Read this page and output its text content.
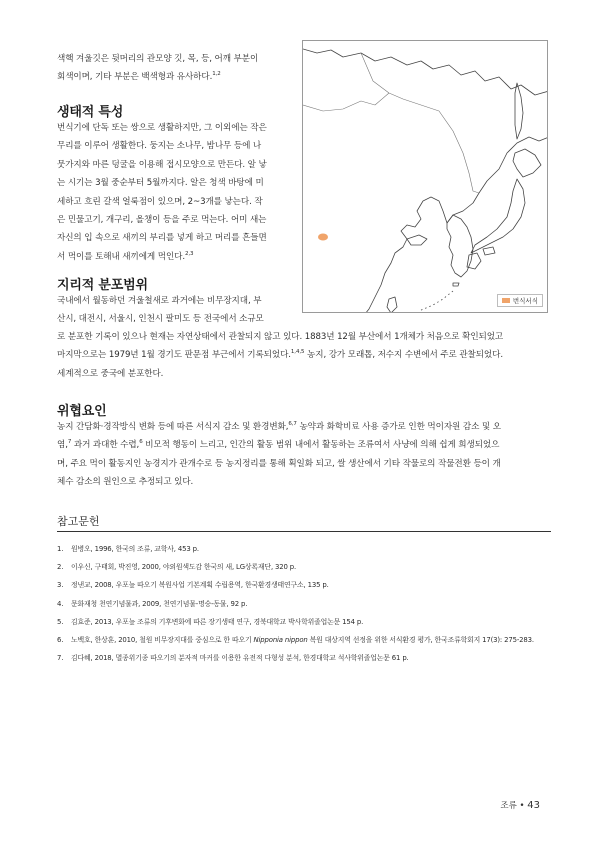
색핵 겨울깃은 뒷머리의 관모양 깃, 목, 등, 어깨 부분이
회색이며, 기타 부분은 백색형과 유사하다.$^{1,2}$
생태적 특성
번식기에 단독 또는 쌍으로 생활하지만, 그 이외에는 작은
무리를 이루어 생활한다. 둥지는 소나무, 밤나무 등에 나
뭇가지와 마른 덩굴을 이용해 접시모양으로 만든다. 알 낳
는 시기는 3월 중순부터 5월까지다. 알은 청색 바탕에 미
세하고 흐린 갈색 얼룩점이 있으며, 2~3개를 낳는다. 작
은 민물고기, 개구리, 올챙이 등을 주로 먹는다. 어미 새는
자신의 입 속으로 새끼의 부리를 넣게 하고 머리를 흔들면
서 먹이를 토해내 새끼에게 먹인다.$^{2,3}$
지리적 분포범위
국내에서 월동하던 겨울철새로 과거에는 비무장지대, 부
산시, 대전시, 서울시, 인천시 팔미도 등 전국에서 소규모
로 분포한 기록이 있으나 현재는 자연상태에서 관찰되지 않고 있다. 1883년 12월 부산에서 1개체가 처음으로 확인되었고
마지막으로는 1979년 1월 경기도 판문점 부근에서 기록되었다.$^{1,4,5}$ 농지, 강가 모래톱, 저수지 수변에서 주로 관찰되었다.
세계적으로 중국에 분포한다.
번식서식
위협요인
농지 간담화·경작방식 변화 등에 따른 서식지 감소 및 환경변화,$^{6,7}$ 농약과 화학비료 사용 증가로 인한 먹이자원 감소 및 오
염,$^7$ 과거 과대한 수렵,$^6$ 비모적 행동이 느리고, 인간의 활동 범위 내에서 활동하는 조류여서 사냥에 의해 쉽게 희생되었으
며, 주요 먹이 활동지인 농경지가 관개수로 등 농지정리를 통해 획일화 되고, 쌀 생산에서 기타 작물로의 작물전환 등이 개
체수 감소의 원인으로 추정되고 있다.
참고문헌
1. 원병오, 1996, 한국의 조류, 교학사, 453 p.
2. 이우신, 구태회, 박진영, 2000, 야외원색도감 한국의 새, LG상록재단, 320 p.
3. 정낸교, 2008, 우포늪 따오기 복원사업 기본계획 수립용역, 한국환경생태연구소, 135 p.
4. 문화재청 천연기념물과, 2009, 천연기념물-명승-동물, 92 p.
5. 김효준, 2013, 우포늪 조류의 기후변화에 따른 장기생태 연구, 경북대학교 박사학위졸업논문 154 p.
6. 노백호, 한상훈, 2010, 철원 비무장지대를 중심으로 한 따오기 Nipponia nippon 복원 대상지역 선정을 위한 서식환경 평가, 한국조류학회지 17(3): 275-283.
7. 김다혜, 2018, 멸종위기종 따오기의 분자적 마커를 이용한 유전적 다형성 분석, 한경대학교 석사학위졸업논문 61 p.
조류 • 43
